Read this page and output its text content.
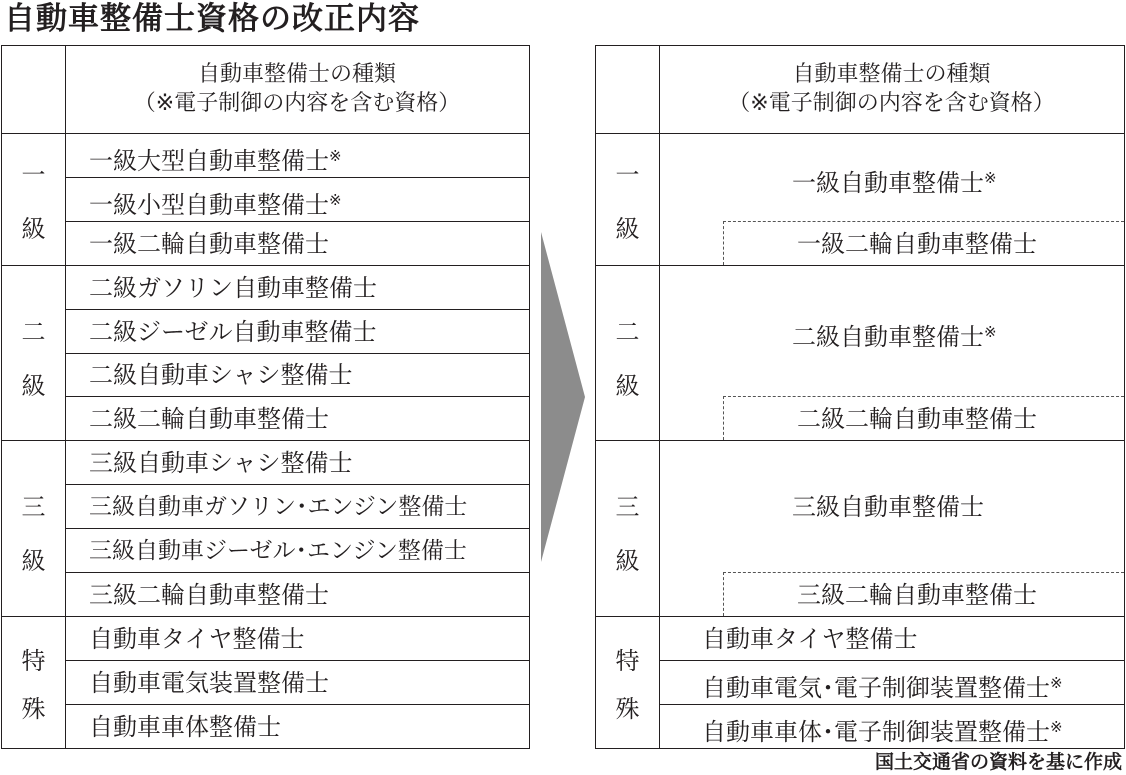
自動車整備士資格の改正内容
自動車整備士の種類
（※電子制御の内容を含む資格）
一
級
二
級
三
級
特
殊
一級大型自動車整備士※
一級小型自動車整備士※
一級二輪自動車整備士
二級ガソリン自動車整備士
二級ジーゼル自動車整備士
二級自動車シャシ整備士
二級二輪自動車整備士
三級自動車シャシ整備士
三級自動車ガソリン･エンジン整備士
三級自動車ジーゼル･エンジン整備士
三級二輪自動車整備士
自動車タイヤ整備士
自動車電気装置整備士
自動車車体整備士
自動車整備士の種類
（※電子制御の内容を含む資格）
一
級
二
級
三
級
特
殊
一級自動車整備士※
一級二輪自動車整備士
二級自動車整備士※
二級二輪自動車整備士
三級自動車整備士
三級二輪自動車整備士
自動車タイヤ整備士
自動車電気･電子制御装置整備士※
自動車車体･電子制御装置整備士※
国土交通省の資料を基に作成
